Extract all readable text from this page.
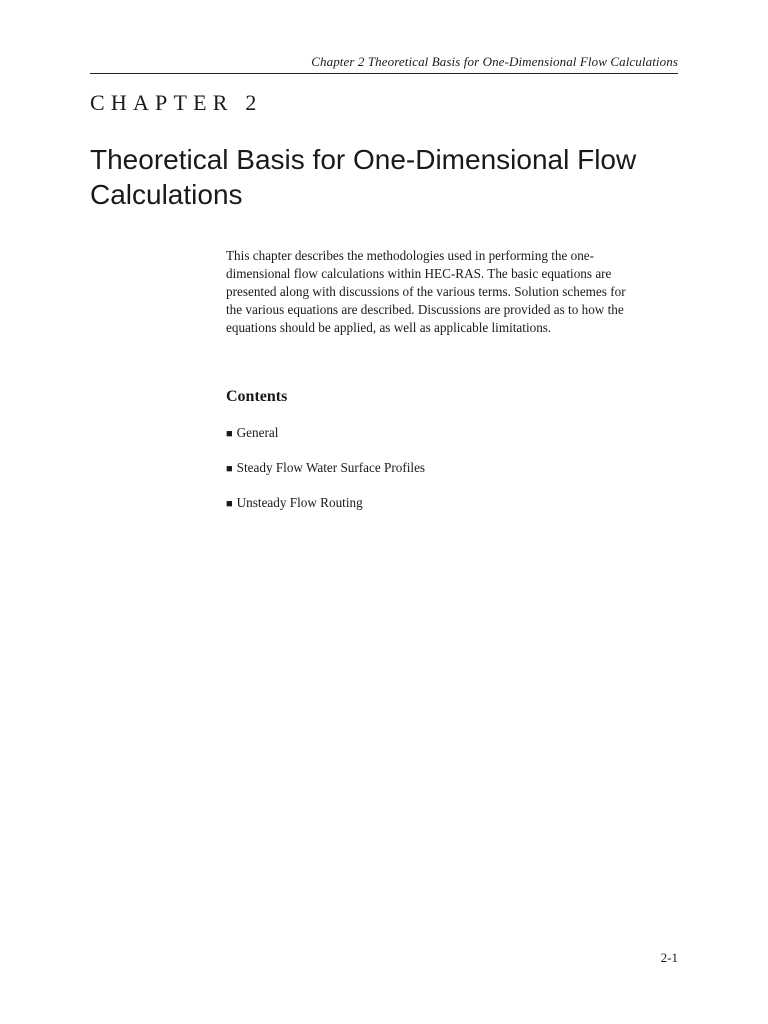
Chapter 2 Theoretical Basis for One-Dimensional Flow Calculations
CHAPTER 2
Theoretical Basis for One-Dimensional Flow Calculations

This chapter describes the methodologies used in performing the one-
dimensional flow calculations within HEC-RAS. The basic equations are
presented along with discussions of the various terms. Solution schemes for
the various equations are described. Discussions are provided as to how the
equations should be applied, as well as applicable limitations.

Contents
■ General
■ Steady Flow Water Surface Profiles
■ Unsteady Flow Routing
2-1
